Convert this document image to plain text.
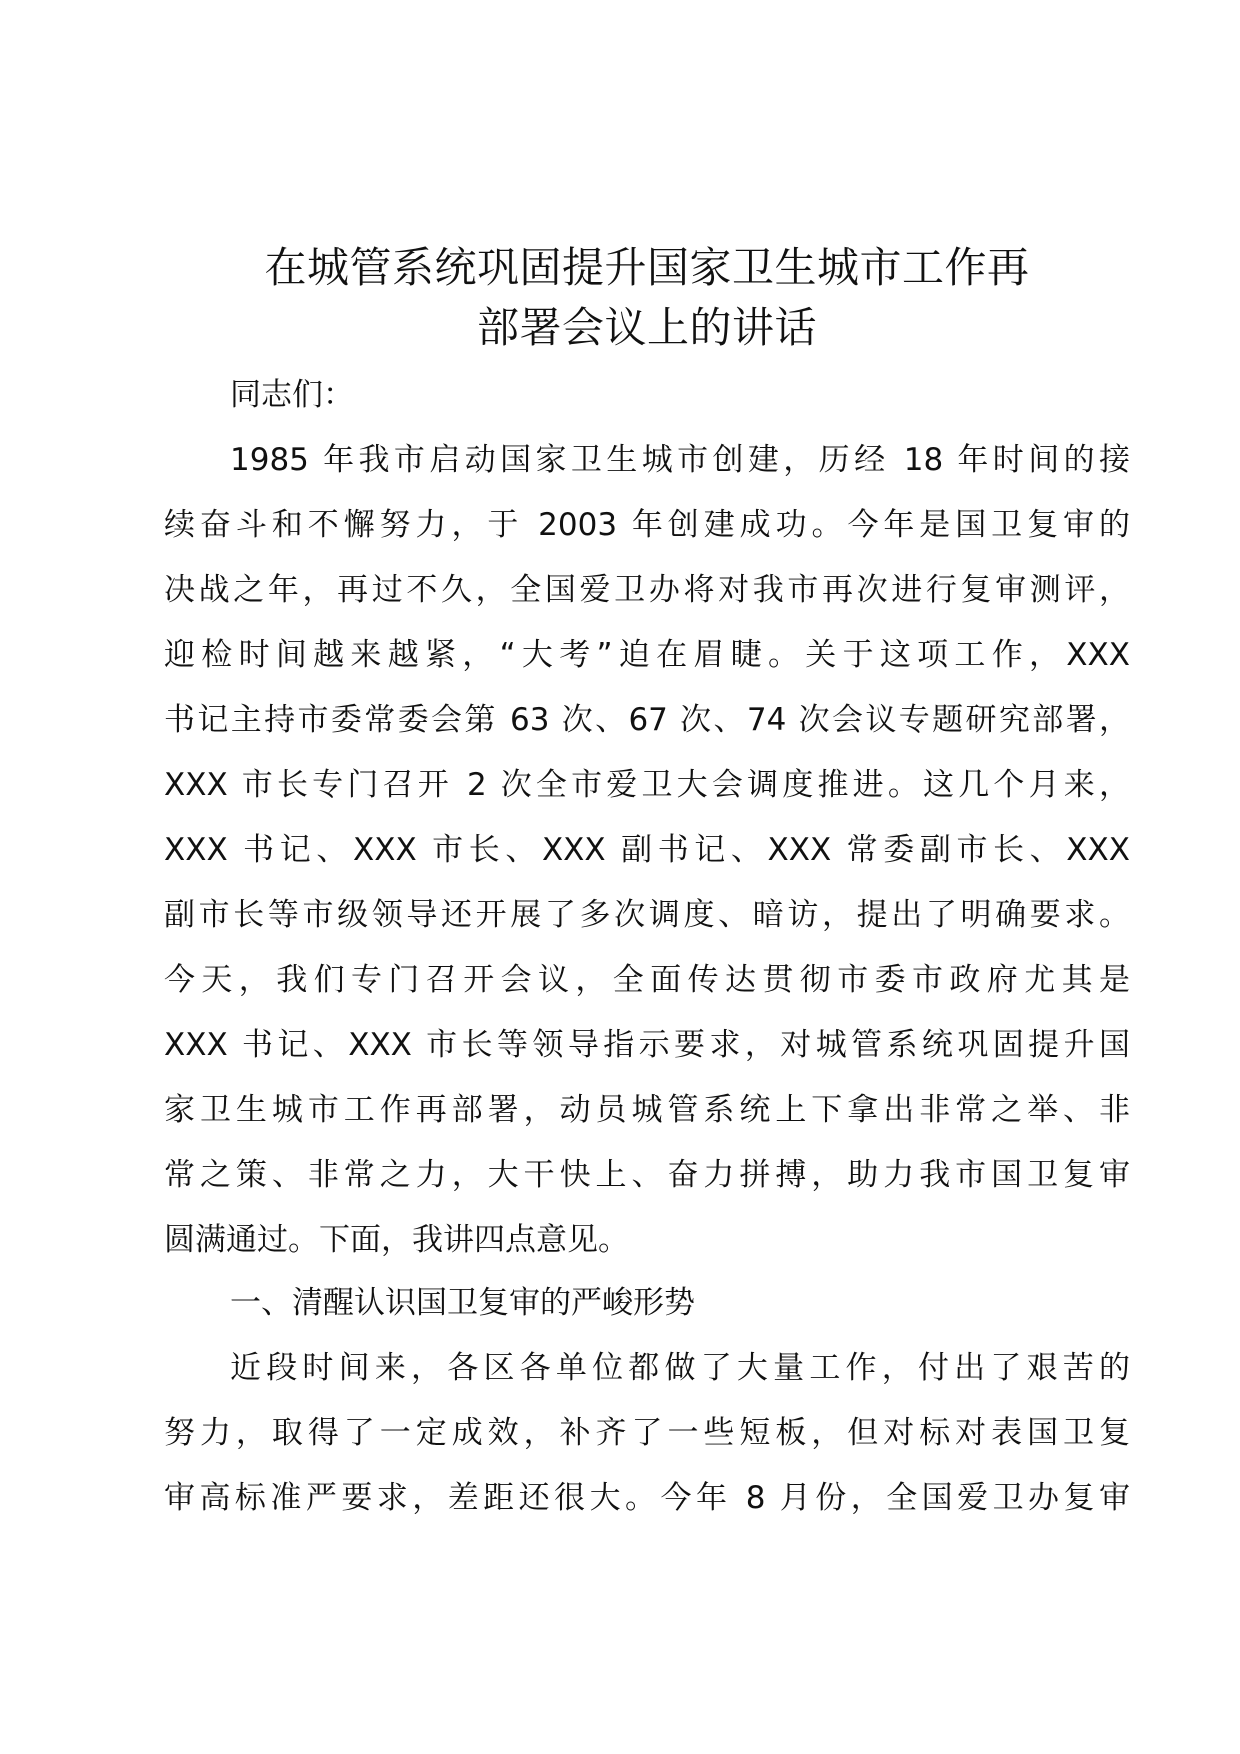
在城管系统巩固提升国家卫生城市工作再
部署会议上的讲话
同志们：
1985 年我市启动国家卫生城市创建，历经 18 年时间的接
续奋斗和不懈努力，于 2003 年创建成功。今年是国卫复审的
决战之年，再过不久，全国爱卫办将对我市再次进行复审测评，
迎检时间越来越紧，“大考”迫在眉睫。关于这项工作，XXX
书记主持市委常委会第 63 次、67 次、74 次会议专题研究部署，
XXX 市长专门召开 2 次全市爱卫大会调度推进。这几个月来，
XXX 书记、XXX 市长、XXX 副书记、XXX 常委副市长、XXX
副市长等市级领导还开展了多次调度、暗访，提出了明确要求。
今天，我们专门召开会议，全面传达贯彻市委市政府尤其是
XXX 书记、XXX 市长等领导指示要求，对城管系统巩固提升国
家卫生城市工作再部署，动员城管系统上下拿出非常之举、非
常之策、非常之力，大干快上、奋力拼搏，助力我市国卫复审
圆满通过。下面，我讲四点意见。
一、清醒认识国卫复审的严峻形势
近段时间来，各区各单位都做了大量工作，付出了艰苦的
努力，取得了一定成效，补齐了一些短板，但对标对表国卫复
审高标准严要求，差距还很大。今年 8 月份，全国爱卫办复审
